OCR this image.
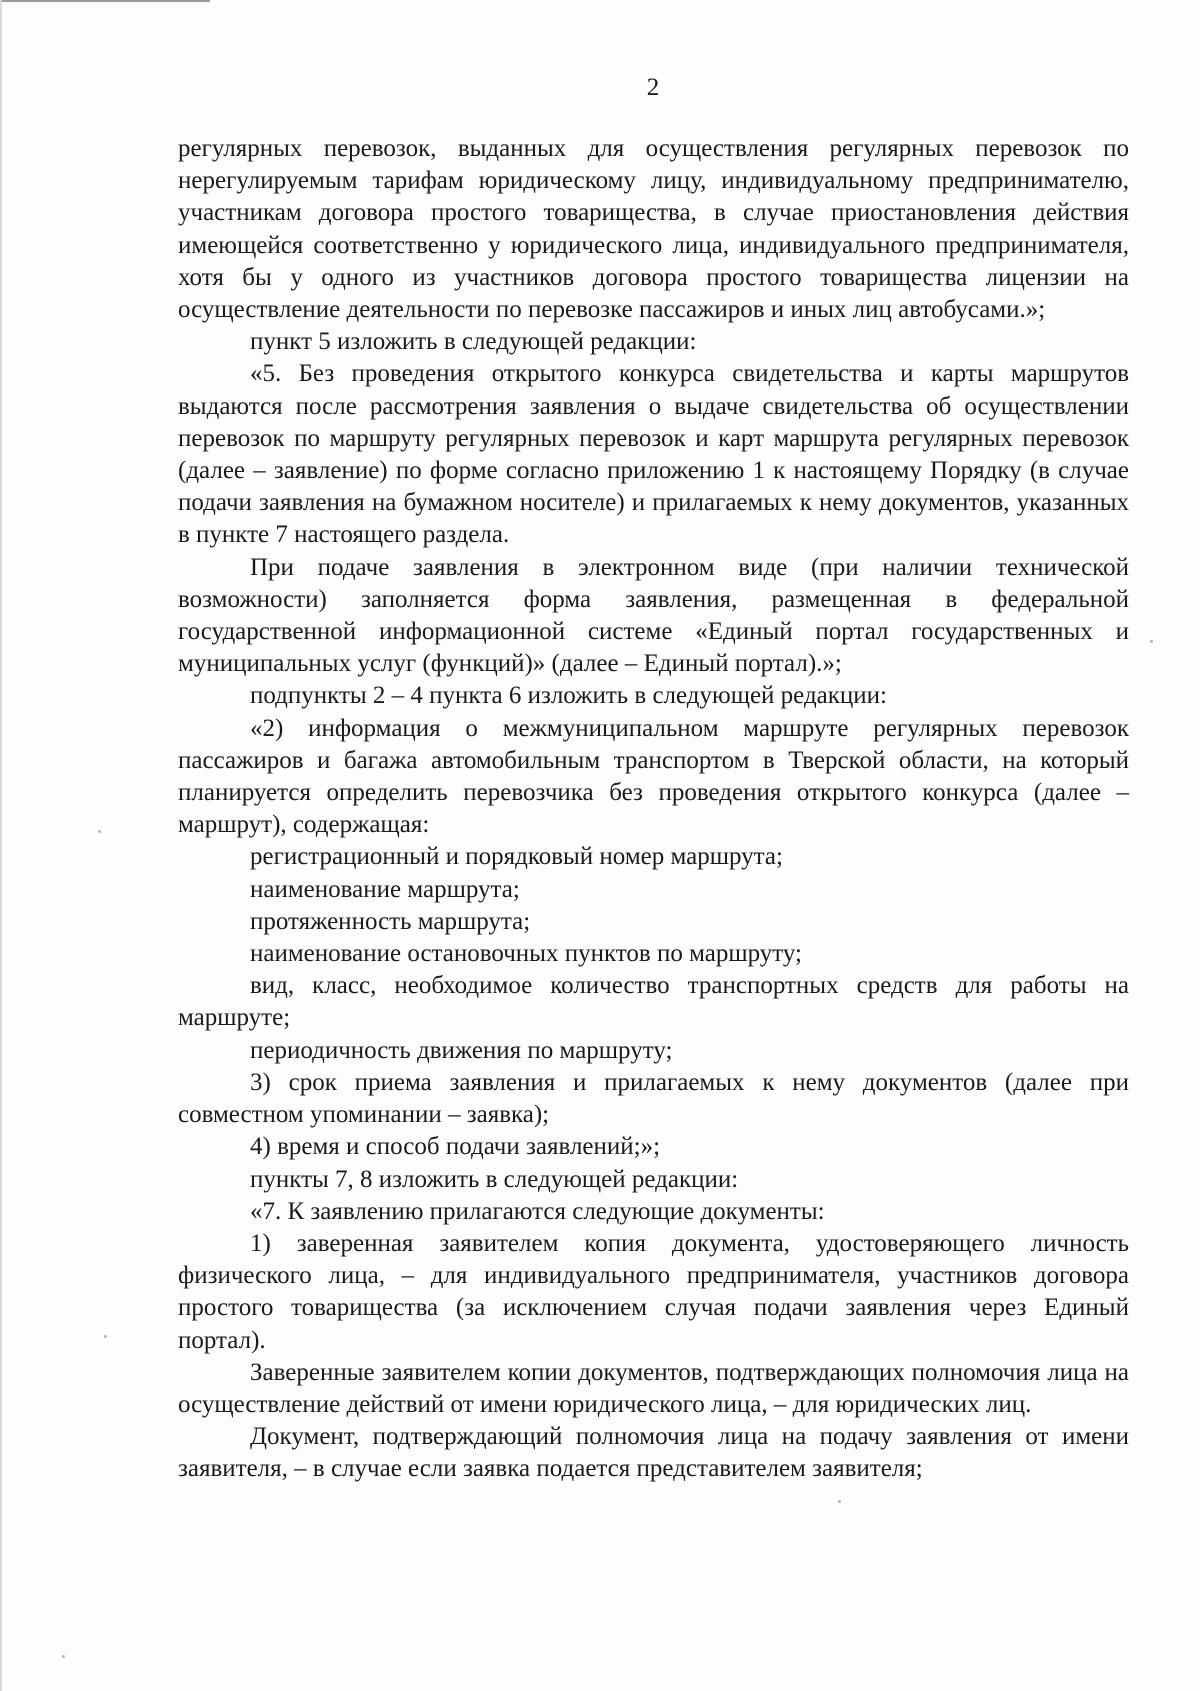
2

регулярных перевозок, выданных для осуществления регулярных перевозок по нерегулируемым тарифам юридическому лицу, индивидуальному предпринимателю, участникам договора простого товарищества, в случае приостановления действия имеющейся соответственно у юридического лица, индивидуального предпринимателя, хотя бы у одного из участников договора простого товарищества лицензии на осуществление деятельности по перевозке пассажиров и иных лиц автобусами.»;

пункт 5 изложить в следующей редакции:

«5. Без проведения открытого конкурса свидетельства и карты маршрутов выдаются после рассмотрения заявления о выдаче свидетельства об осуществлении перевозок по маршруту регулярных перевозок и карт маршрута регулярных перевозок (далее – заявление) по форме согласно приложению 1 к настоящему Порядку (в случае подачи заявления на бумажном носителе) и прилагаемых к нему документов, указанных в пункте 7 настоящего раздела.

При подаче заявления в электронном виде (при наличии технической возможности) заполняется форма заявления, размещенная в федеральной государственной информационной системе «Единый портал государственных и муниципальных услуг (функций)» (далее – Единый портал).»;

подпункты 2 – 4 пункта 6 изложить в следующей редакции:

«2) информация о межмуниципальном маршруте регулярных перевозок пассажиров и багажа автомобильным транспортом в Тверской области, на который планируется определить перевозчика без проведения открытого конкурса (далее – маршрут), содержащая:

регистрационный и порядковый номер маршрута;

наименование маршрута;

протяженность маршрута;

наименование остановочных пунктов по маршруту;

вид, класс, необходимое количество транспортных средств для работы на маршруте;

периодичность движения по маршруту;

3) срок приема заявления и прилагаемых к нему документов (далее при совместном упоминании – заявка);

4) время и способ подачи заявлений;»;

пункты 7, 8 изложить в следующей редакции:

«7. К заявлению прилагаются следующие документы:

1) заверенная заявителем копия документа, удостоверяющего личность физического лица, – для индивидуального предпринимателя, участников договора простого товарищества (за исключением случая подачи заявления через Единый портал).

Заверенные заявителем копии документов, подтверждающих полномочия лица на осуществление действий от имени юридического лица, – для юридических лиц.

Документ, подтверждающий полномочия лица на подачу заявления от имени заявителя, – в случае если заявка подается представителем заявителя;
